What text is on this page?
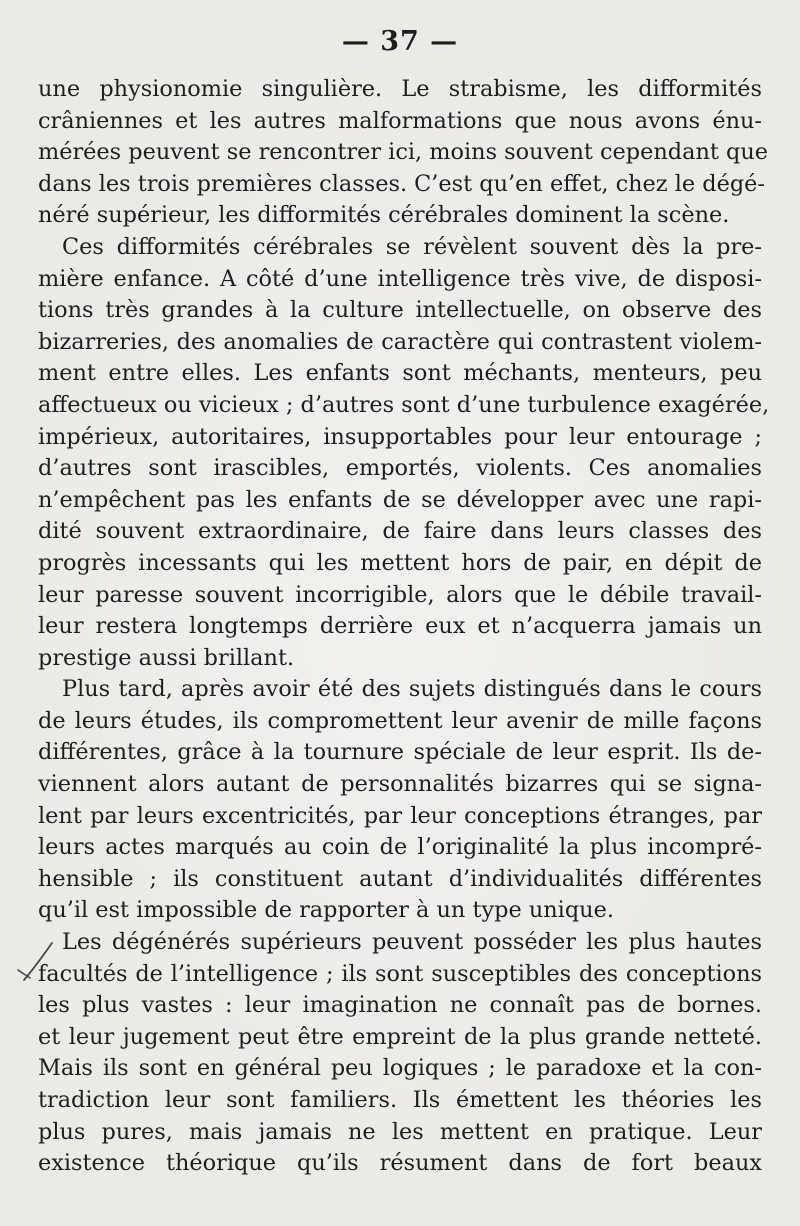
— 37 —
une physionomie singulière. Le strabisme, les difformités
crâniennes et les autres malformations que nous avons énu-
mérées peuvent se rencontrer ici, moins souvent cependant que
dans les trois premières classes. C’est qu’en effet, chez le dégé-
néré supérieur, les difformités cérébrales dominent la scène.
Ces difformités cérébrales se révèlent souvent dès la pre-
mière enfance. A côté d’une intelligence très vive, de disposi-
tions très grandes à la culture intellectuelle, on observe des
bizarreries, des anomalies de caractère qui contrastent violem-
ment entre elles. Les enfants sont méchants, menteurs, peu
affectueux ou vicieux ; d’autres sont d’une turbulence exagérée,
impérieux, autoritaires, insupportables pour leur entourage ;
d’autres sont irascibles, emportés, violents. Ces anomalies
n’empêchent pas les enfants de se développer avec une rapi-
dité souvent extraordinaire, de faire dans leurs classes des
progrès incessants qui les mettent hors de pair, en dépit de
leur paresse souvent incorrigible, alors que le débile travail-
leur restera longtemps derrière eux et n’acquerra jamais un
prestige aussi brillant.
Plus tard, après avoir été des sujets distingués dans le cours
de leurs études, ils compromettent leur avenir de mille façons
différentes, grâce à la tournure spéciale de leur esprit. Ils de-
viennent alors autant de personnalités bizarres qui se signa-
lent par leurs excentricités, par leur conceptions étranges, par
leurs actes marqués au coin de l’originalité la plus incompré-
hensible ; ils constituent autant d’individualités différentes
qu’il est impossible de rapporter à un type unique.
Les dégénérés supérieurs peuvent posséder les plus hautes
facultés de l’intelligence ; ils sont susceptibles des conceptions
les plus vastes : leur imagination ne connaît pas de bornes.
et leur jugement peut être empreint de la plus grande netteté.
Mais ils sont en général peu logiques ; le paradoxe et la con-
tradiction leur sont familiers. Ils émettent les théories les
plus pures, mais jamais ne les mettent en pratique. Leur
existence théorique qu’ils résument dans de fort beaux
